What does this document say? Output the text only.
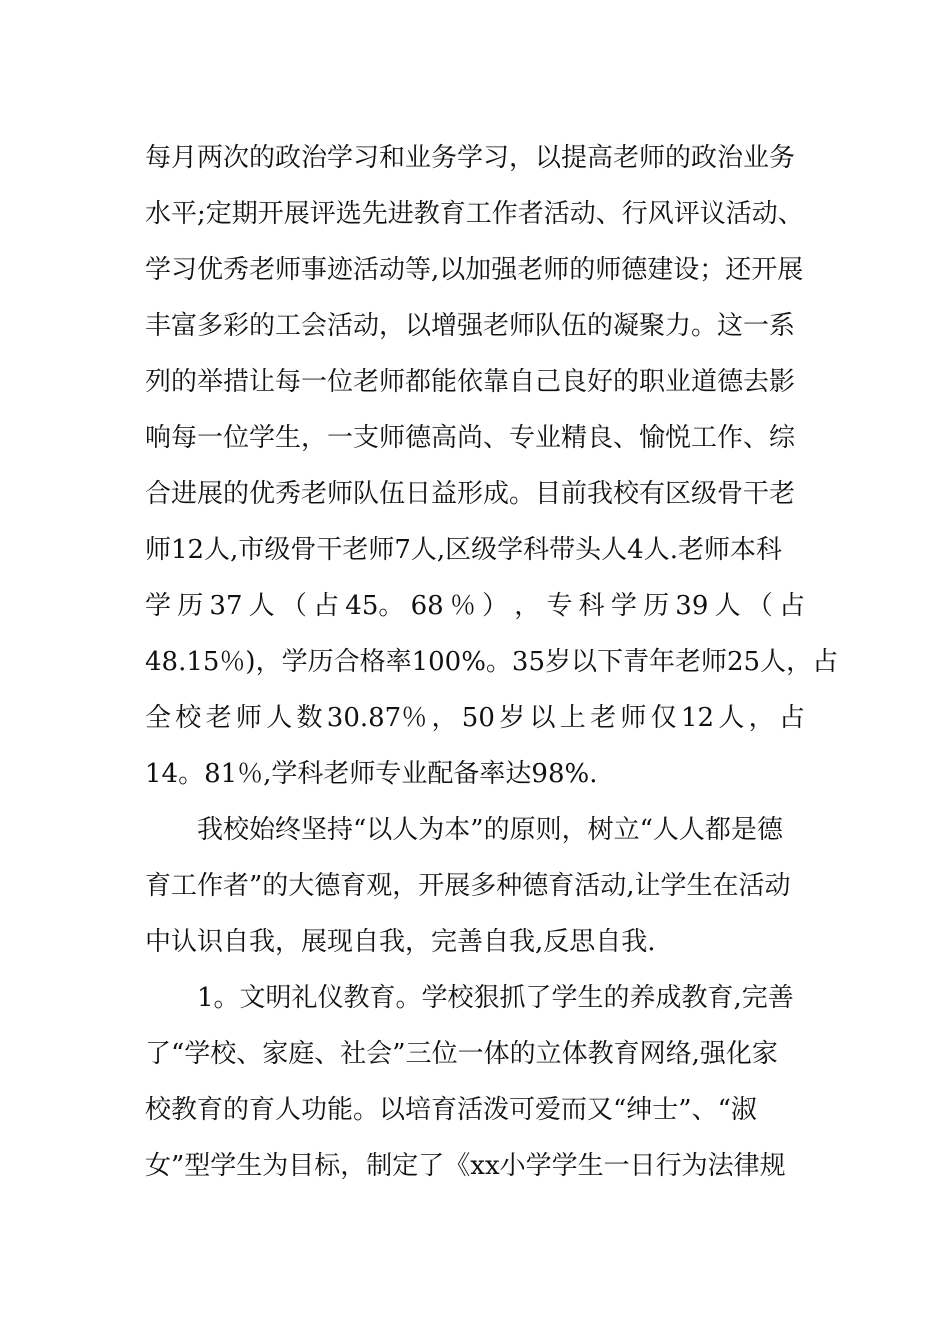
每月两次的政治学习和业务学习，以提高老师的政治业务
水平;定期开展评选先进教育工作者活动、行风评议活动、
学习优秀老师事迹活动等,以加强老师的师德建设；还开展
丰富多彩的工会活动，以增强老师队伍的凝聚力。这一系
列的举措让每一位老师都能依靠自己良好的职业道德去影
响每一位学生，一支师德高尚、专业精良、愉悦工作、综
合进展的优秀老师队伍日益形成。目前我校有区级骨干老
师12人,市级骨干老师7人,区级学科带头人4人.老师本科
学 历 37 人 （ 占 45。 68 ％ ） ， 专 科 学 历 39 人 （ 占
48.15％)，学历合格率100%。35岁以下青年老师25人， 占
全 校 老 师 人 数 30.87％ ， 50 岁 以 上 老 师 仅 12 人 ， 占
14。81％,学科老师专业配备率达98%.
我校始终坚持“以人为本”的原则，树立“人人都是德
育工作者”的大德育观，开展多种德育活动,让学生在活动
中认识自我，展现自我，完善自我,反思自我.
1。文明礼仪教育。学校狠抓了学生的养成教育,完善
了“学校、家庭、社会”三位一体的立体教育网络,强化家
校教育的育人功能。以培育活泼可爱而又“绅士”、“淑
女”型学生为目标，制定了《xx小学学生一日行为法律规
